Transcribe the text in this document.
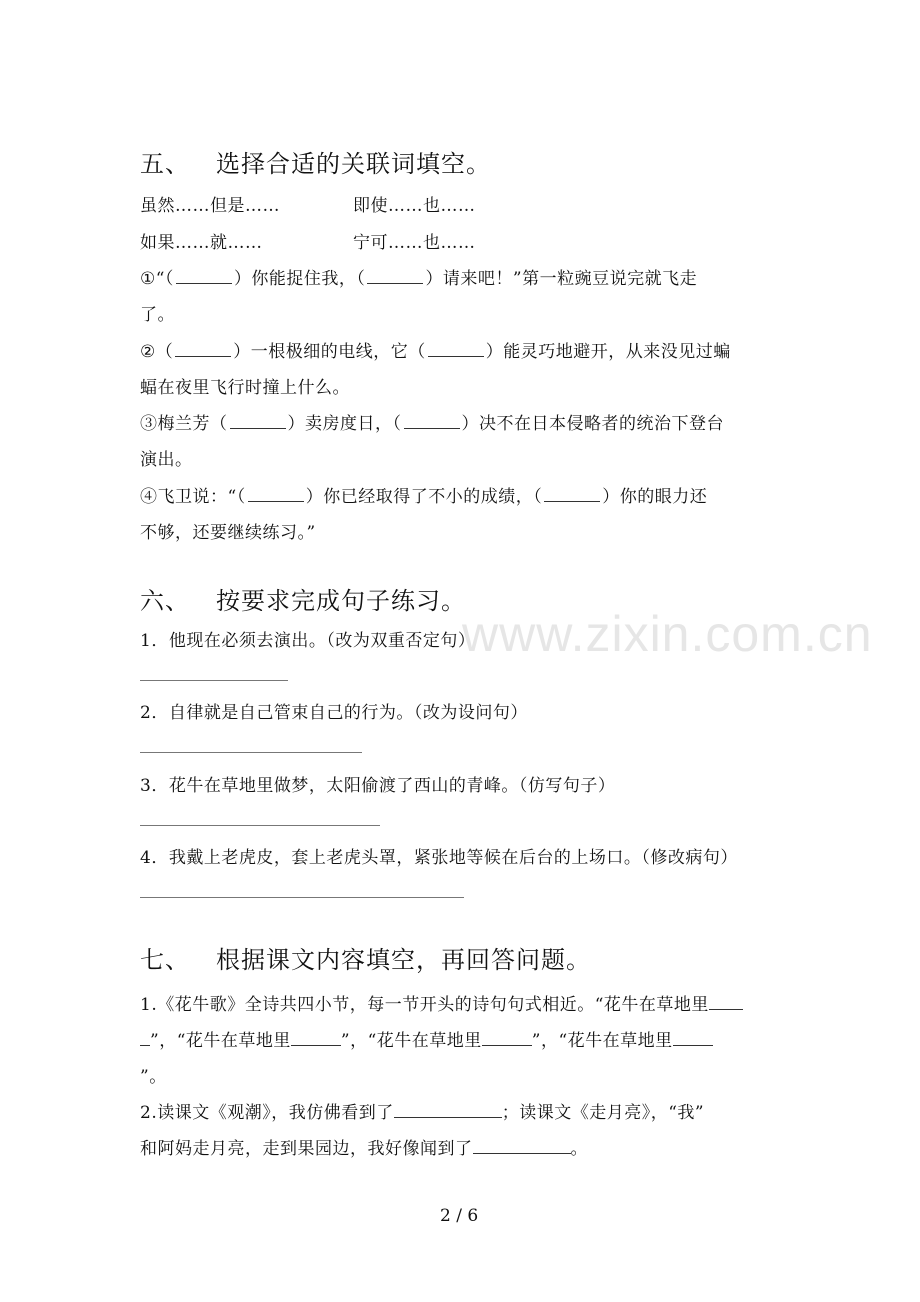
www.zixin.com.cn
五、 选择合适的关联词填空。
虽然……但是……	即使……也……
如果……就……	宁可……也……
①“（	）你能捉住我，（	）请来吧！”第一粒豌豆说完就飞走
了。
②（	）一根极细的电线，它（	）能灵巧地避开，从来没见过蝙
蝠在夜里飞行时撞上什么。
③梅兰芳（	）卖房度日，（	）决不在日本侵略者的统治下登台
演出。
④飞卫说：“（	）你已经取得了不小的成绩，（	）你的眼力还
不够，还要继续练习。”
六、 按要求完成句子练习。
1．他现在必须去演出。（改为双重否定句）
2．自律就是自己管束自己的行为。（改为设问句）
3．花牛在草地里做梦，太阳偷渡了西山的青峰。（仿写句子）
4．我戴上老虎皮，套上老虎头罩，紧张地等候在后台的上场口。（修改病句）
七、 根据课文内容填空，再回答问题。
1.《花牛歌》全诗共四小节，每一节开头的诗句句式相近。“花牛在草地里
”，“花牛在草地里	”，“花牛在草地里	”，“花牛在草地里
”。
2.读课文《观潮》，我仿佛看到了	；读课文《走月亮》，“我”
和阿妈走月亮，走到果园边，我好像闻到了	。
2 / 6
